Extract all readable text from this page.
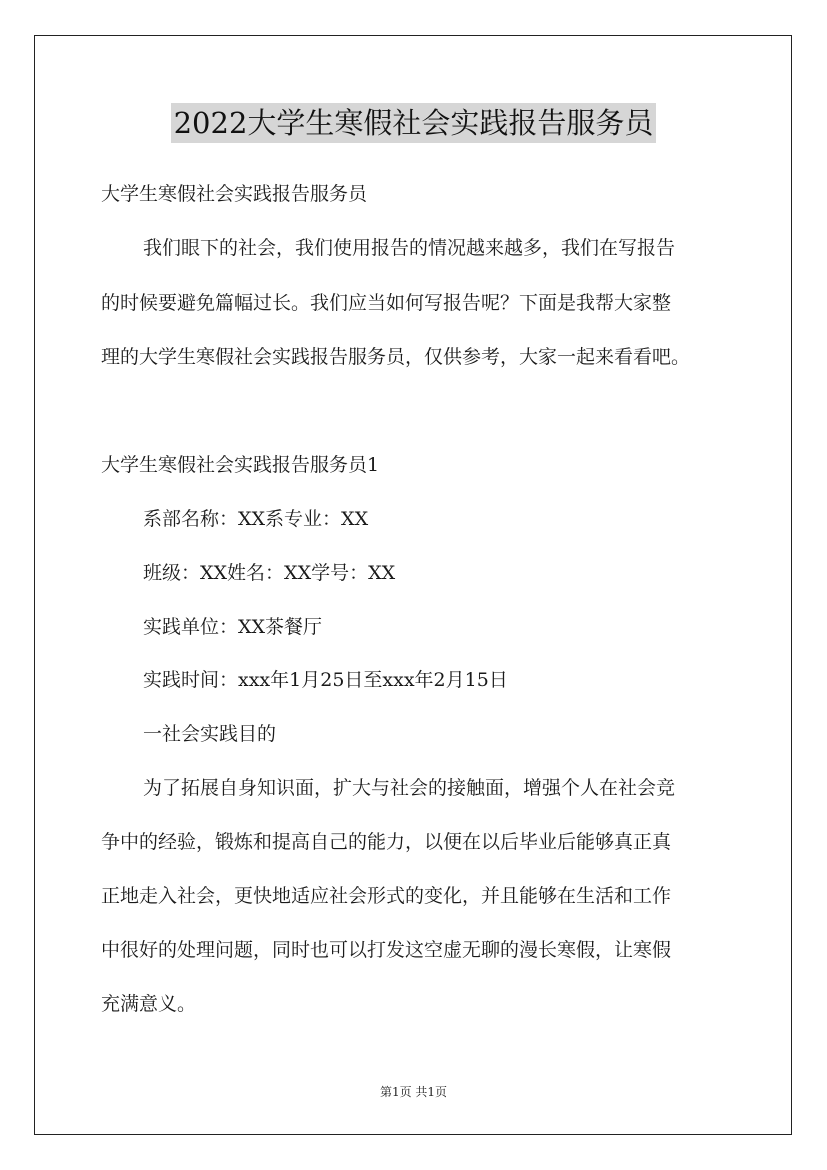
2022大学生寒假社会实践报告服务员
大学生寒假社会实践报告服务员
我们眼下的社会，我们使用报告的情况越来越多，我们在写报告
的时候要避免篇幅过长。我们应当如何写报告呢？下面是我帮大家整
理的大学生寒假社会实践报告服务员，仅供参考，大家一起来看看吧。
大学生寒假社会实践报告服务员1
系部名称：XX系专业：XX
班级：XX姓名：XX学号：XX
实践单位：XX茶餐厅
实践时间：xxx年1月25日至xxx年2月15日
一社会实践目的
为了拓展自身知识面，扩大与社会的接触面，增强个人在社会竞
争中的经验，锻炼和提高自己的能力，以便在以后毕业后能够真正真
正地走入社会，更快地适应社会形式的变化，并且能够在生活和工作
中很好的处理问题，同时也可以打发这空虚无聊的漫长寒假，让寒假
充满意义。
第1页 共1页
